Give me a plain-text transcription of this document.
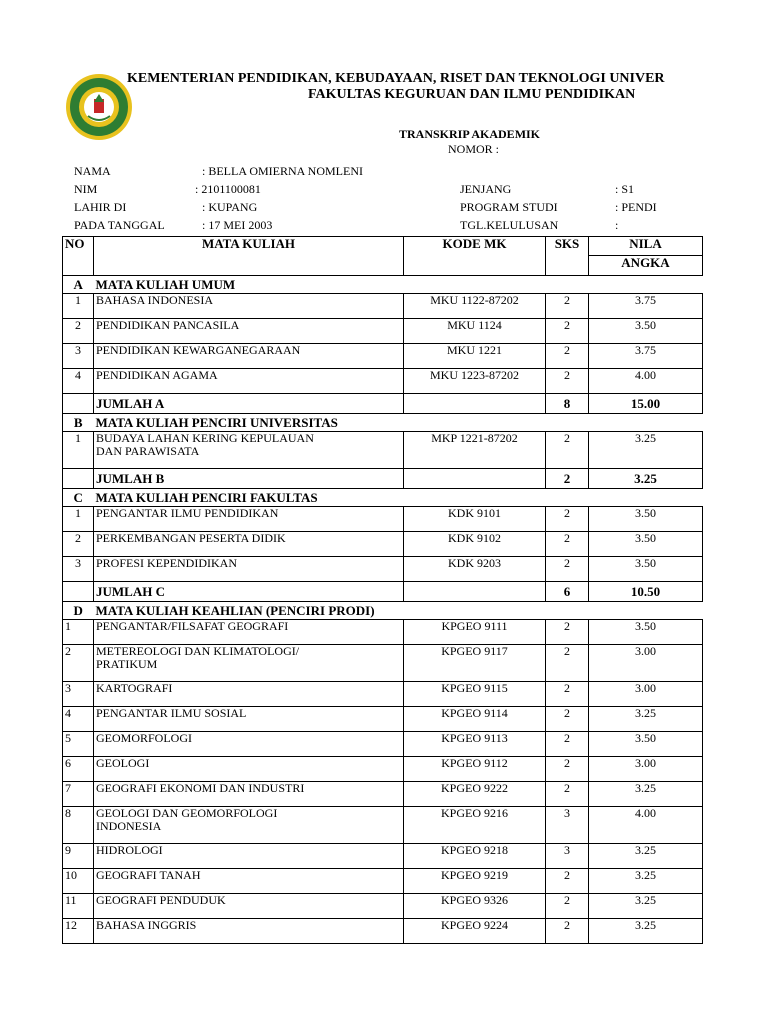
KEMENTERIAN PENDIDIKAN, KEBUDAYAAN, RISET DAN TEKNOLOGI UNIVER
FAKULTAS KEGURUAN DAN ILMU PENDIDIKAN
TRANSKRIP AKADEMIK
NOMOR :
NAMA	: BELLA OMIERNA NOMLENI
NIM	: 2101100081
LAHIR DI	: KUPANG
PADA TANGGAL	: 17 MEI 2003
JENJANG	: S1
PROGRAM STUDI	: PENDI
TGL.KELULUSAN	:
NO	MATA KULIAH	KODE MK	SKS	NILA
				ANGKA
A	MATA KULIAH UMUM			
1	BAHASA INDONESIA	MKU 1122-87202	2	3.75
2	PENDIDIKAN PANCASILA	MKU 1124	2	3.50
3	PENDIDIKAN KEWARGANEGARAAN	MKU 1221	2	3.75
4	PENDIDIKAN AGAMA	MKU 1223-87202	2	4.00
	JUMLAH A		8	15.00
B	MATA KULIAH PENCIRI UNIVERSITAS			
1	BUDAYA LAHAN KERING KEPULAUAN
DAN PARAWISATA	MKP 1221-87202	2	3.25
	JUMLAH B		2	3.25
C	MATA KULIAH PENCIRI FAKULTAS			
1	PENGANTAR ILMU PENDIDIKAN	KDK 9101	2	3.50
2	PERKEMBANGAN PESERTA DIDIK	KDK 9102	2	3.50
3	PROFESI KEPENDIDIKAN	KDK 9203	2	3.50
	JUMLAH C		6	10.50
D	MATA KULIAH KEAHLIAN (PENCIRI PRODI)			
1	PENGANTAR/FILSAFAT GEOGRAFI	KPGEO 9111	2	3.50
2	METEREOLOGI DAN KLIMATOLOGI/
PRATIKUM	KPGEO 9117	2	3.00
3	KARTOGRAFI	KPGEO 9115	2	3.00
4	PENGANTAR ILMU SOSIAL	KPGEO 9114	2	3.25
5	GEOMORFOLOGI	KPGEO 9113	2	3.50
6	GEOLOGI	KPGEO 9112	2	3.00
7	GEOGRAFI EKONOMI DAN INDUSTRI	KPGEO 9222	2	3.25
8	GEOLOGI DAN GEOMORFOLOGI
INDONESIA	KPGEO 9216	3	4.00
9	HIDROLOGI	KPGEO 9218	3	3.25
10	GEOGRAFI TANAH	KPGEO 9219	2	3.25
11	GEOGRAFI PENDUDUK	KPGEO 9326	2	3.25
12	BAHASA INGGRIS	KPGEO 9224	2	3.25
